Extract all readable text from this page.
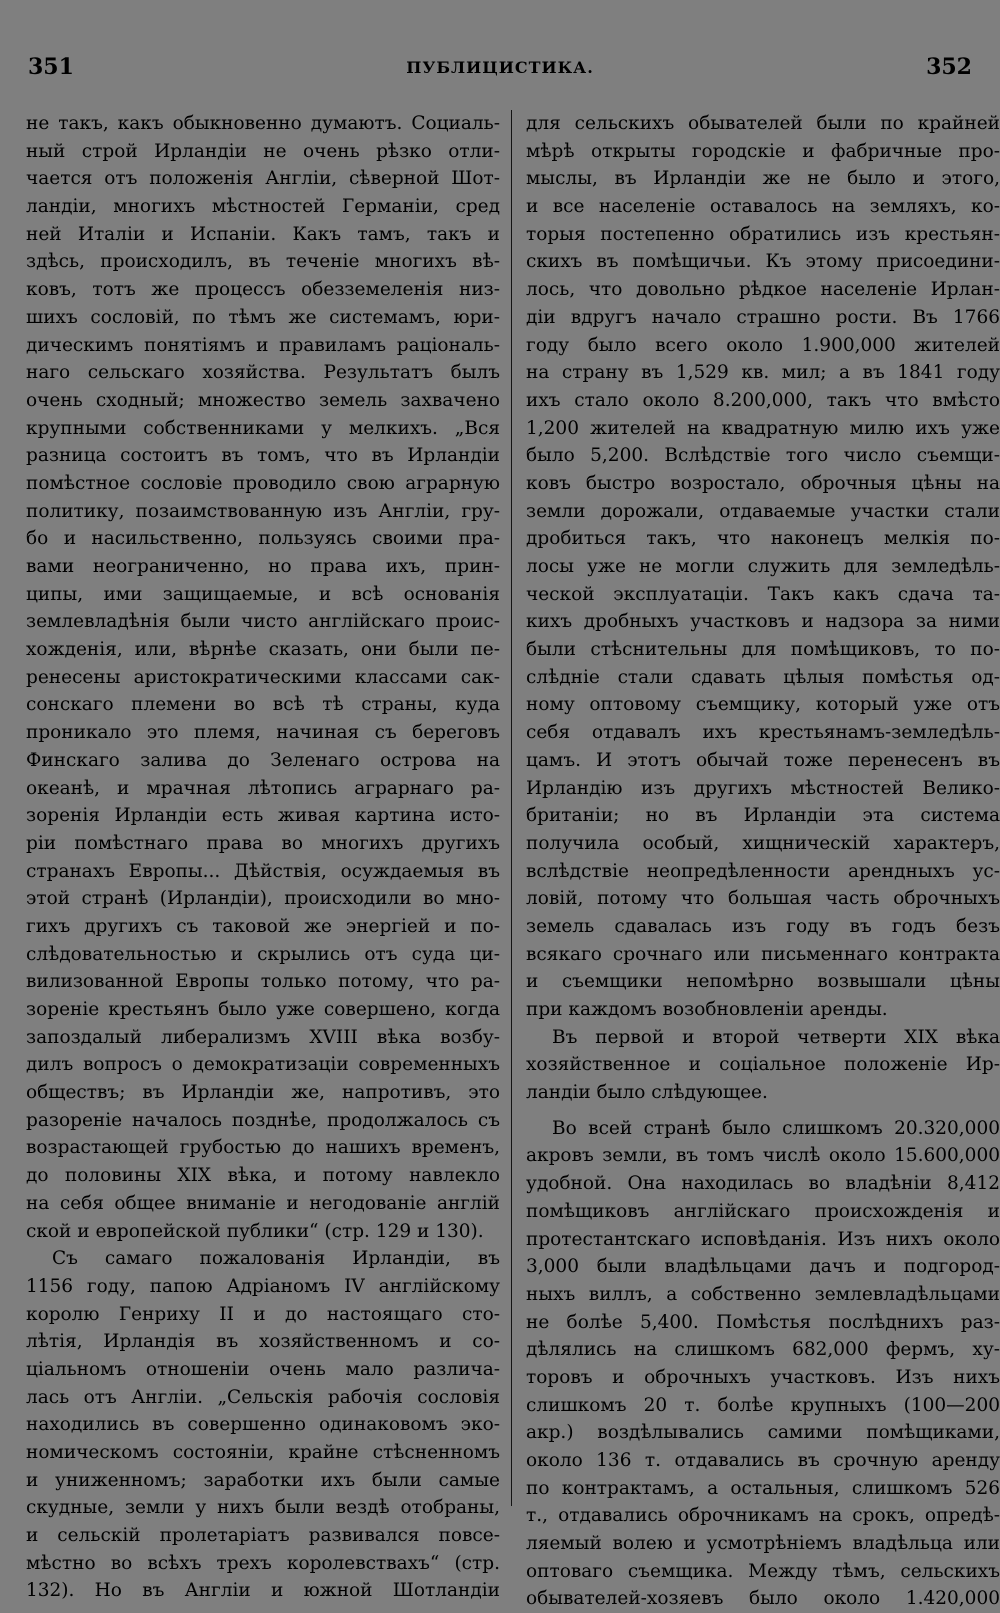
351	ПУБЛИЦИСТИКА.	352
не такъ, какъ обыкновенно думаютъ. Социаль-
ный строй Ирландіи не очень рѣзко отли-
чается отъ положенія Англіи, сѣверной Шот-
ландіи, многихъ мѣстностей Германіи, сред
ней Италіи и Испаніи. Какъ тамъ, такъ и
здѣсь, происходилъ, въ теченіе многихъ вѣ-
ковъ, тотъ же процессъ обезземеленія низ-
шихъ сословій, по тѣмъ же системамъ, юри-
дическимъ понятіямъ и правиламъ раціональ-
наго сельскаго хозяйства. Результатъ былъ
очень сходный; множество земель захвачено
крупными собственниками у мелкихъ. „Вся
разница состоитъ въ томъ, что въ Ирландіи
помѣстное сословіе проводило свою аграрную
политику, позаимствованную изъ Англіи, гру-
бо и насильственно, пользуясь своими пра-
вами неограниченно, но права ихъ, прин-
ципы, ими защищаемые, и всѣ основанія
землевладѣнія были чисто англійскаго проис-
хожденія, или, вѣрнѣе сказать, они были пе-
ренесены аристократическими классами сак-
сонскаго племени во всѣ тѣ страны, куда
проникало это племя, начиная съ береговъ
Финскаго залива до Зеленаго острова на
океанѣ, и мрачная лѣтопись аграрнаго ра-
зоренія Ирландіи есть живая картина исто-
ріи помѣстнаго права во многихъ другихъ
странахъ Европы... Дѣйствія, осуждаемыя въ
этой странѣ (Ирландіи), происходили во мно-
гихъ другихъ съ таковой же энергіей и по-
слѣдовательностью и скрылись отъ суда ци-
вилизованной Европы только потому, что ра-
зореніе крестьянъ было уже совершено, когда
запоздалый либерализмъ XVIII вѣка возбу-
дилъ вопросъ о демократизаціи современныхъ
обществъ; въ Ирландіи же, напротивъ, это
разореніе началось позднѣе, продолжалось съ
возрастающей грубостью до нашихъ временъ,
до половины XIX вѣка, и потому навлекло
на себя общее вниманіе и негодованіе англій
ской и европейской публики“ (стр. 129 и 130).
Съ самаго пожалованія Ирландіи, въ
1156 году, папою Адріаномъ IV англійскому
королю Генриху II и до настоящаго сто-
лѣтія, Ирландія въ хозяйственномъ и со-
ціальномъ отношеніи очень мало различа-
лась отъ Англіи. „Сельскія рабочія сословія
находились въ совершенно одинаковомъ эко-
номическомъ состояніи, крайне стѣсненномъ
и униженномъ; заработки ихъ были самые
скудные, земли у нихъ были вездѣ отобраны,
и сельскій пролетаріатъ развивался повсе-
мѣстно во всѣхъ трехъ королевствахъ“ (стр.
132). Но въ Англіи и южной Шотландіи
для сельскихъ обывателей были по крайней
мѣрѣ открыты городскіе и фабричные про-
мыслы, въ Ирландіи же не было и этого,
и все населеніе оставалось на земляхъ, ко-
торыя постепенно обратились изъ крестьян-
скихъ въ помѣщичьи. Къ этому присоедини-
лось, что довольно рѣдкое населеніе Ирлан-
діи вдругъ начало страшно рости. Въ 1766
году было всего около 1.900,000 жителей
на страну въ 1,529 кв. мил; а въ 1841 году
ихъ стало около 8.200,000, такъ что вмѣсто
1,200 жителей на квадратную милю ихъ уже
было 5,200. Вслѣдствіе того число съемщи-
ковъ быстро возростало, оброчныя цѣны на
земли дорожали, отдаваемые участки стали
дробиться такъ, что наконецъ мелкія по-
лосы уже не могли служить для земледѣль-
ческой эксплуатаціи. Такъ какъ сдача та-
кихъ дробныхъ участковъ и надзора за ними
были стѣснительны для помѣщиковъ, то по-
слѣдніе стали сдавать цѣлыя помѣстья од-
ному оптовому съемщику, который уже отъ
себя отдавалъ ихъ крестьянамъ-земледѣль-
цамъ. И этотъ обычай тоже перенесенъ въ
Ирландію изъ другихъ мѣстностей Велико-
британіи; но въ Ирландіи эта система
получила особый, хищническій характеръ,
вслѣдствіе неопредѣленности арендныхъ ус-
ловій, потому что большая часть оброчныхъ
земель сдавалась изъ году въ годъ безъ
всякаго срочнаго или письменнаго контракта
и съемщики непомѣрно возвышали цѣны
при каждомъ возобновленіи аренды.
Въ первой и второй четверти XIX вѣка
хозяйственное и соціальное положеніе Ир-
ландіи было слѣдующее.
Во всей странѣ было слишкомъ 20.320,000
акровъ земли, въ томъ числѣ около 15.600,000
удобной. Она находилась во владѣніи 8,412
помѣщиковъ англійскаго происхожденія и
протестантскаго исповѣданія. Изъ нихъ около
3,000 были владѣльцами дачъ и подгород-
ныхъ виллъ, а собственно землевладѣльцами
не болѣе 5,400. Помѣстья послѣднихъ раз-
дѣлялись на слишкомъ 682,000 фермъ, ху-
торовъ и оброчныхъ участковъ. Изъ нихъ
слишкомъ 20 т. болѣе крупныхъ (100—200
акр.) воздѣлывались самими помѣщиками,
около 136 т. отдавались въ срочную аренду
по контрактамъ, а остальныя, слишкомъ 526
т., отдавались оброчникамъ на срокъ, опредѣ-
ляемый волею и усмотрѣніемъ владѣльца или
оптоваго съемщика. Между тѣмъ, сельскихъ
обывателей-хозяевъ было около 1.420,000
